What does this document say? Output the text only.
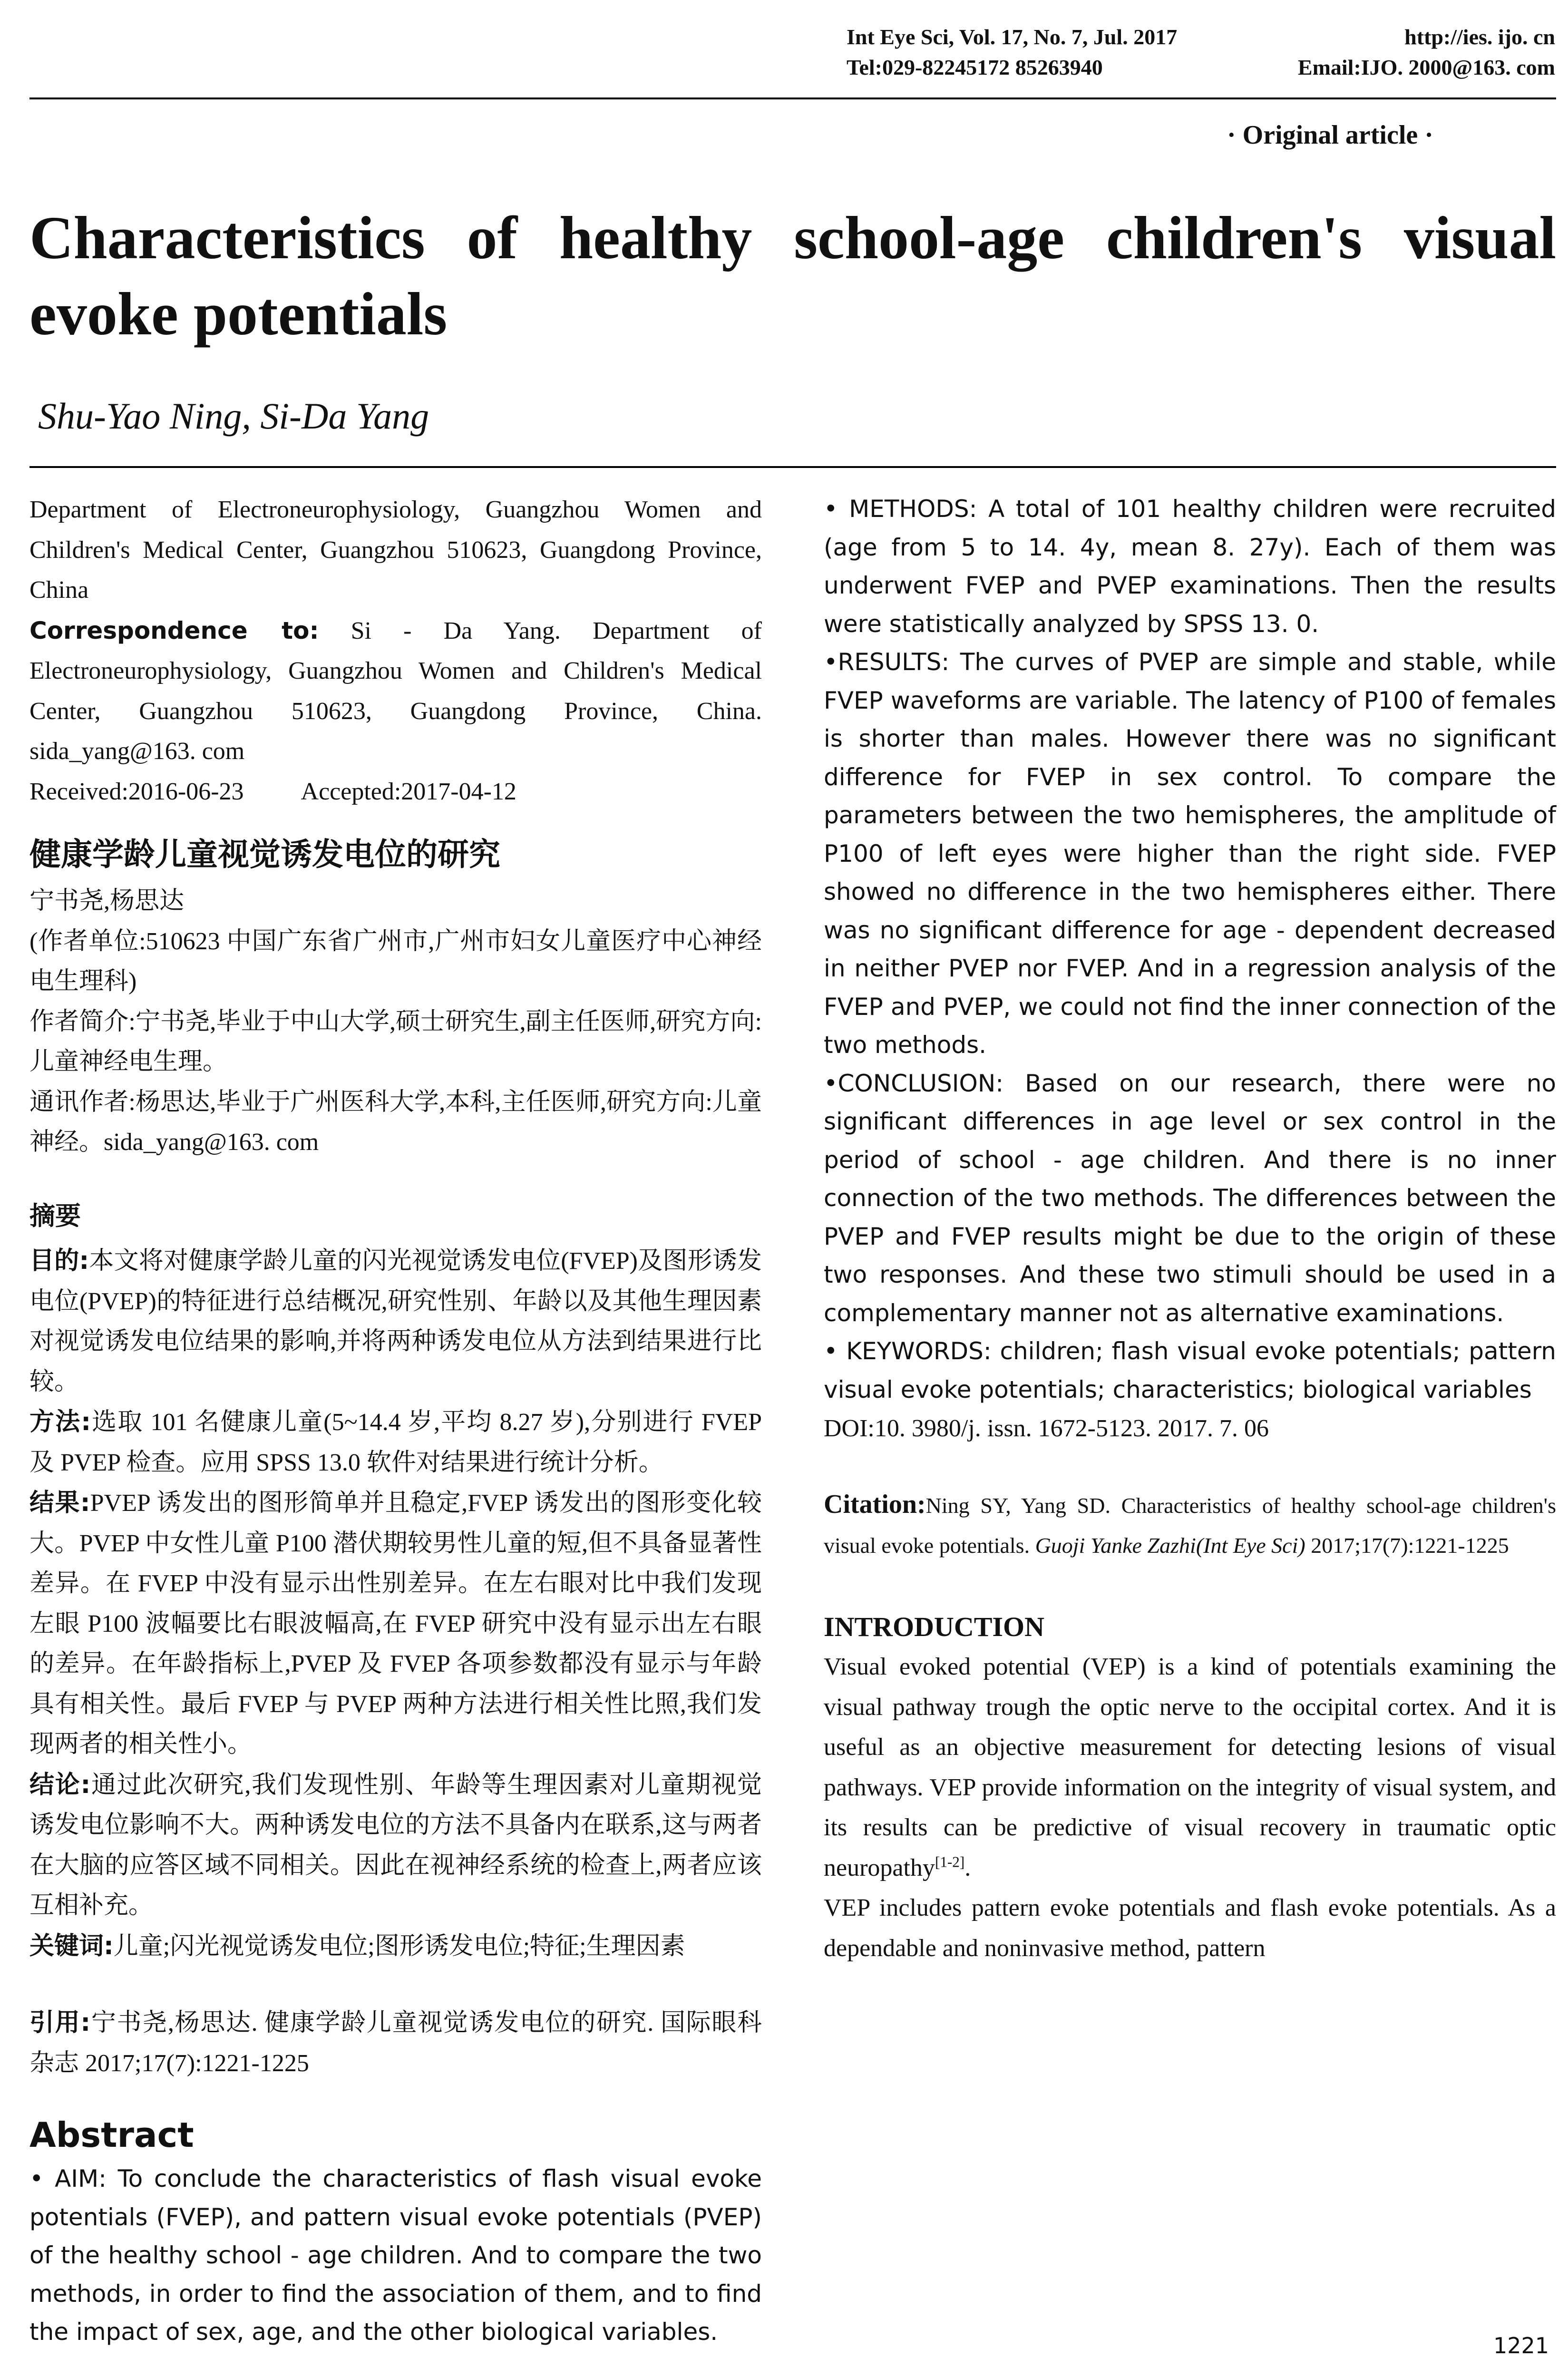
Int Eye Sci, Vol. 17, No. 7, Jul. 2017	http://ies. ijo. cn
Tel:029-82245172 85263940	Email:IJO. 2000@163. com
· Original article ·
Characteristics of healthy school-age children's visual evoke potentials
Shu-Yao Ning, Si-Da Yang

Department of Electroneurophysiology, Guangzhou Women and Children's Medical Center, Guangzhou 510623, Guangdong Province, China

Correspondence to: Si - Da Yang. Department of Electroneurophysiology, Guangzhou Women and Children's Medical Center, Guangzhou 510623, Guangdong Province, China. sida_yang@163. com

Received:2016-06-23 Accepted:2017-04-12

健康学龄儿童视觉诱发电位的研究

宁书尧,杨思达

(作者单位:510623 中国广东省广州市,广州市妇女儿童医疗中心神经电生理科)

作者简介:宁书尧,毕业于中山大学,硕士研究生,副主任医师,研究方向:儿童神经电生理。

通讯作者:杨思达,毕业于广州医科大学,本科,主任医师,研究方向:儿童神经。sida_yang@163. com

摘要

目的:本文将对健康学龄儿童的闪光视觉诱发电位(FVEP)及图形诱发电位(PVEP)的特征进行总结概况,研究性别、年龄以及其他生理因素对视觉诱发电位结果的影响,并将两种诱发电位从方法到结果进行比较。

方法:选取 101 名健康儿童(5~14.4 岁,平均 8.27 岁),分别进行 FVEP 及 PVEP 检查。应用 SPSS 13.0 软件对结果进行统计分析。

结果:PVEP 诱发出的图形简单并且稳定,FVEP 诱发出的图形变化较大。PVEP 中女性儿童 P100 潜伏期较男性儿童的短,但不具备显著性差异。在 FVEP 中没有显示出性别差异。在左右眼对比中我们发现左眼 P100 波幅要比右眼波幅高,在 FVEP 研究中没有显示出左右眼的差异。在年龄指标上,PVEP 及 FVEP 各项参数都没有显示与年龄具有相关性。最后 FVEP 与 PVEP 两种方法进行相关性比照,我们发现两者的相关性小。

结论:通过此次研究,我们发现性别、年龄等生理因素对儿童期视觉诱发电位影响不大。两种诱发电位的方法不具备内在联系,这与两者在大脑的应答区域不同相关。因此在视神经系统的检查上,两者应该互相补充。

关键词:儿童;闪光视觉诱发电位;图形诱发电位;特征;生理因素

引用:宁书尧,杨思达. 健康学龄儿童视觉诱发电位的研究. 国际眼科杂志 2017;17(7):1221-1225

Abstract

• AIM: To conclude the characteristics of flash visual evoke potentials (FVEP), and pattern visual evoke potentials (PVEP) of the healthy school - age children. And to compare the two methods, in order to find the association of them, and to find the impact of sex, age, and the other biological variables.

• METHODS: A total of 101 healthy children were recruited (age from 5 to 14. 4y, mean 8. 27y). Each of them was underwent FVEP and PVEP examinations. Then the results were statistically analyzed by SPSS 13. 0.

•RESULTS: The curves of PVEP are simple and stable, while FVEP waveforms are variable. The latency of P100 of females is shorter than males. However there was no significant difference for FVEP in sex control. To compare the parameters between the two hemispheres, the amplitude of P100 of left eyes were higher than the right side. FVEP showed no difference in the two hemispheres either. There was no significant difference for age - dependent decreased in neither PVEP nor FVEP. And in a regression analysis of the FVEP and PVEP, we could not find the inner connection of the two methods.

•CONCLUSION: Based on our research, there were no significant differences in age level or sex control in the period of school - age children. And there is no inner connection of the two methods. The differences between the PVEP and FVEP results might be due to the origin of these two responses. And these two stimuli should be used in a complementary manner not as alternative examinations.

• KEYWORDS: children; flash visual evoke potentials; pattern visual evoke potentials; characteristics; biological variables

DOI:10. 3980/j. issn. 1672-5123. 2017. 7. 06

Citation:Ning SY, Yang SD. Characteristics of healthy school-age children's visual evoke potentials. Guoji Yanke Zazhi(Int Eye Sci) 2017;17(7):1221-1225

INTRODUCTION

Visual evoked potential (VEP) is a kind of potentials examining the visual pathway trough the optic nerve to the occipital cortex. And it is useful as an objective measurement for detecting lesions of visual pathways. VEP provide information on the integrity of visual system, and its results can be predictive of visual recovery in traumatic optic neuropathy[1-2].

VEP includes pattern evoke potentials and flash evoke potentials. As a dependable and noninvasive method, pattern

1221
